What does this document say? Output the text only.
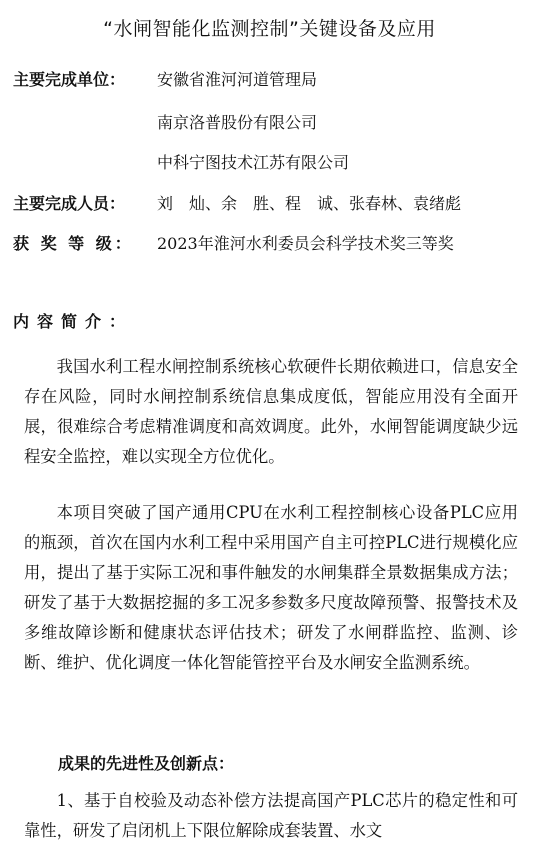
“水闸智能化监测控制”关键设备及应用
主要完成单位： 安徽省淮河河道管理局
南京洛普股份有限公司
中科宁图技术江苏有限公司
主要完成人员： 刘　灿、余　胜、程　诚、张春林、袁绪彪
获 奖 等 级： 2023年淮河水利委员会科学技术奖三等奖
内容简介：

我国水利工程水闸控制系统核心软硬件长期依赖进口，信息安全存在风险，同时水闸控制系统信息集成度低，智能应用没有全面开展，很难综合考虑精准调度和高效调度。此外，水闸智能调度缺少远程安全监控，难以实现全方位优化。

本项目突破了国产通用CPU在水利工程控制核心设备PLC应用的瓶颈，首次在国内水利工程中采用国产自主可控PLC进行规模化应用，提出了基于实际工况和事件触发的水闸集群全景数据集成方法；研发了基于大数据挖掘的多工况多参数多尺度故障预警、报警技术及多维故障诊断和健康状态评估技术；研发了水闸群监控、监测、诊断、维护、优化调度一体化智能管控平台及水闸安全监测系统。

成果的先进性及创新点：

1、基于自校验及动态补偿方法提高国产PLC芯片的稳定性和可靠性，研发了启闭机上下限位解除成套装置、水文
